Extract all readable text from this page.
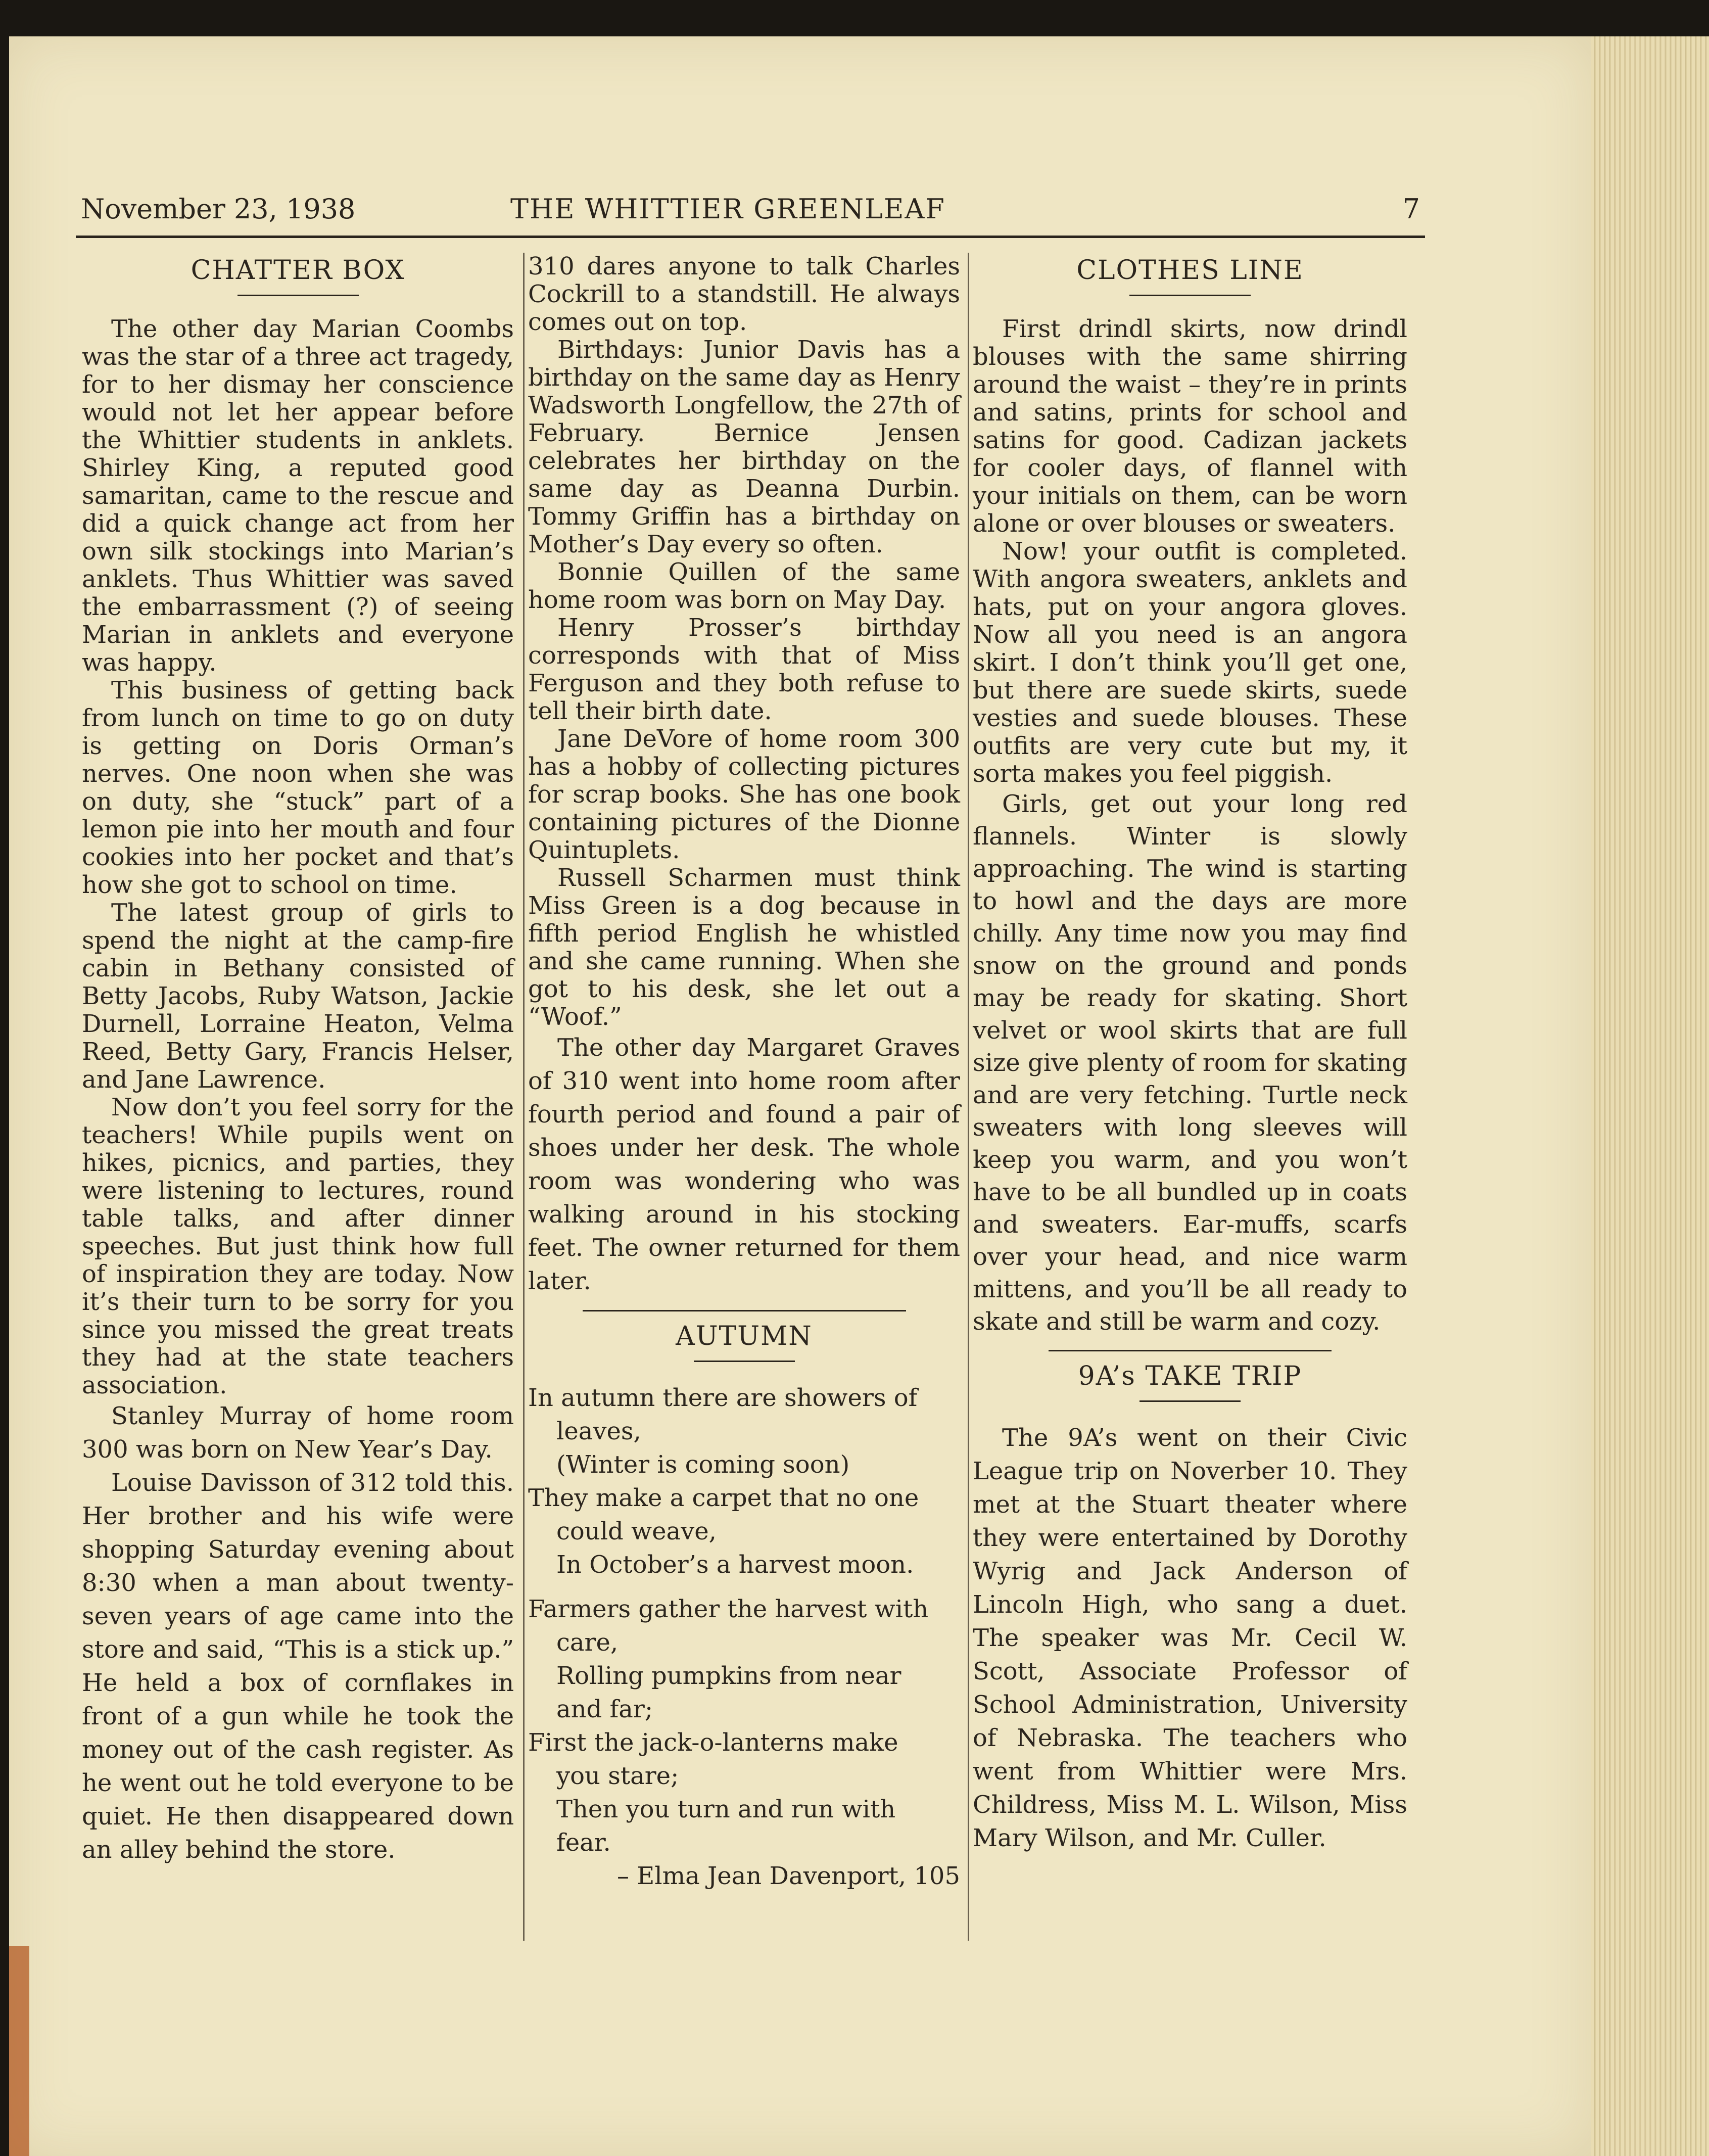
November 23, 1938	THE WHITTIER GREENLEAF	7
CHATTER BOX

The other day Marian Coombs was the star of a three act tragedy, for to her dismay her conscience would not let her appear before the Whittier students in anklets. Shirley King, a reputed good samaritan, came to the rescue and did a quick change act from her own silk stockings into Marian’s anklets. Thus Whittier was saved the embarrassment (?) of seeing Marian in anklets and everyone was happy.

This business of getting back from lunch on time to go on duty is getting on Doris Orman’s nerves. One noon when she was on duty, she “stuck” part of a lemon pie into her mouth and four cookies into her pocket and that’s how she got to school on time.

The latest group of girls to spend the night at the camp-fire cabin in Bethany consisted of Betty Jacobs, Ruby Watson, Jackie Durnell, Lorraine Heaton, Velma Reed, Betty Gary, Francis Helser, and Jane Lawrence.

Now don’t you feel sorry for the teachers! While pupils went on hikes, picnics, and parties, they were listening to lectures, round table talks, and after dinner speeches. But just think how full of inspiration they are today. Now it’s their turn to be sorry for you since you missed the great treats they had at the state teachers association.

Stanley Murray of home room 300 was born on New Year’s Day.

Louise Davisson of 312 told this. Her brother and his wife were shopping Saturday evening about 8:30 when a man about twenty-seven years of age came into the store and said, “This is a stick up.” He held a box of cornflakes in front of a gun while he took the money out of the cash register. As he went out he told everyone to be quiet. He then disappeared down an alley behind the store.

310 dares anyone to talk Charles Cockrill to a standstill. He always comes out on top.

Birthdays: Junior Davis has a birthday on the same day as Henry Wadsworth Longfellow, the 27th of February. Bernice Jensen celebrates her birthday on the same day as Deanna Durbin. Tommy Griffin has a birthday on Mother’s Day every so often.

Bonnie Quillen of the same home room was born on May Day.

Henry Prosser’s birthday corresponds with that of Miss Ferguson and they both refuse to tell their birth date.

Jane DeVore of home room 300 has a hobby of collecting pictures for scrap books. She has one book containing pictures of the Dionne Quintuplets.

Russell Scharmen must think Miss Green is a dog because in fifth period English he whistled and she came running. When she got to his desk, she let out a “Woof.”

The other day Margaret Graves of 310 went into home room after fourth period and found a pair of shoes under her desk. The whole room was wondering who was walking around in his stocking feet. The owner returned for them later.

AUTUMN

In autumn there are showers of

leaves,

(Winter is coming soon)

They make a carpet that no one

could weave,

In October’s a harvest moon.

Farmers gather the harvest with

care,

Rolling pumpkins from near

and far;

First the jack-o-lanterns make

you stare;

Then you turn and run with

fear.

– Elma Jean Davenport, 105

CLOTHES LINE

First drindl skirts, now drindl blouses with the same shirring around the waist – they’re in prints and satins, prints for school and satins for good. Cadizan jackets for cooler days, of flannel with your initials on them, can be worn alone or over blouses or sweaters.

Now! your outfit is completed. With angora sweaters, anklets and hats, put on your angora gloves. Now all you need is an angora skirt. I don’t think you’ll get one, but there are suede skirts, suede vesties and suede blouses. These outfits are very cute but my, it sorta makes you feel piggish.

Girls, get out your long red flannels. Winter is slowly approaching. The wind is starting to howl and the days are more chilly. Any time now you may find snow on the ground and ponds may be ready for skating. Short velvet or wool skirts that are full size give plenty of room for skating and are very fetching. Turtle neck sweaters with long sleeves will keep you warm, and you won’t have to be all bundled up in coats and sweaters. Ear-muffs, scarfs over your head, and nice warm mittens, and you’ll be all ready to skate and still be warm and cozy.

9A’s TAKE TRIP

The 9A’s went on their Civic League trip on Noverber 10. They met at the Stuart theater where they were entertained by Dorothy Wyrig and Jack Anderson of Lincoln High, who sang a duet. The speaker was Mr. Cecil W. Scott, Associate Professor of School Administration, University of Nebraska. The teachers who went from Whittier were Mrs. Childress, Miss M. L. Wilson, Miss Mary Wilson, and Mr. Culler.
